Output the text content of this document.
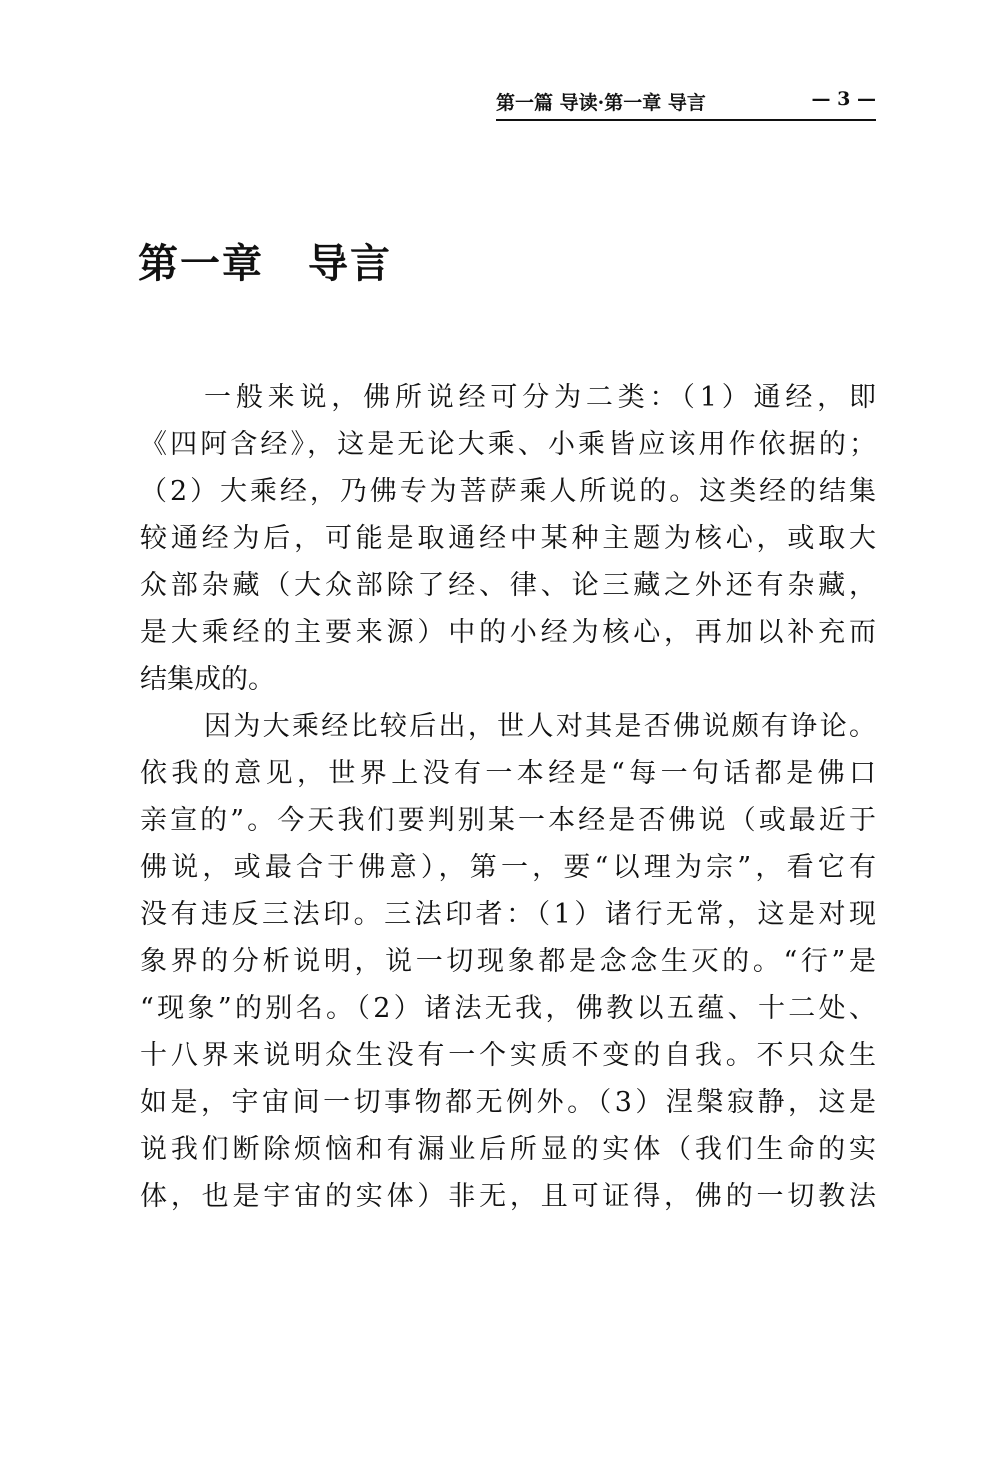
第一篇 导读·第一章 导言	— 3 —
第一章 导言
一般来说，佛所说经可分为二类：（1）通经，即
《四阿含经》，这是无论大乘、小乘皆应该用作依据的；
（2）大乘经，乃佛专为菩萨乘人所说的。这类经的结集
较通经为后，可能是取通经中某种主题为核心，或取大
众部杂藏（大众部除了经、律、论三藏之外还有杂藏，
是大乘经的主要来源）中的小经为核心，再加以补充而
结集成的。
因为大乘经比较后出，世人对其是否佛说颇有诤论。
依我的意见，世界上没有一本经是“每一句话都是佛口
亲宣的”。今天我们要判别某一本经是否佛说（或最近于
佛说，或最合于佛意），第一，要“以理为宗”，看它有
没有违反三法印。三法印者：（1）诸行无常，这是对现
象界的分析说明，说一切现象都是念念生灭的。“行”是
“现象”的别名。（2）诸法无我，佛教以五蕴、十二处、
十八界来说明众生没有一个实质不变的自我。不只众生
如是，宇宙间一切事物都无例外。（3）涅槃寂静，这是
说我们断除烦恼和有漏业后所显的实体（我们生命的实
体，也是宇宙的实体）非无，且可证得，佛的一切教法
